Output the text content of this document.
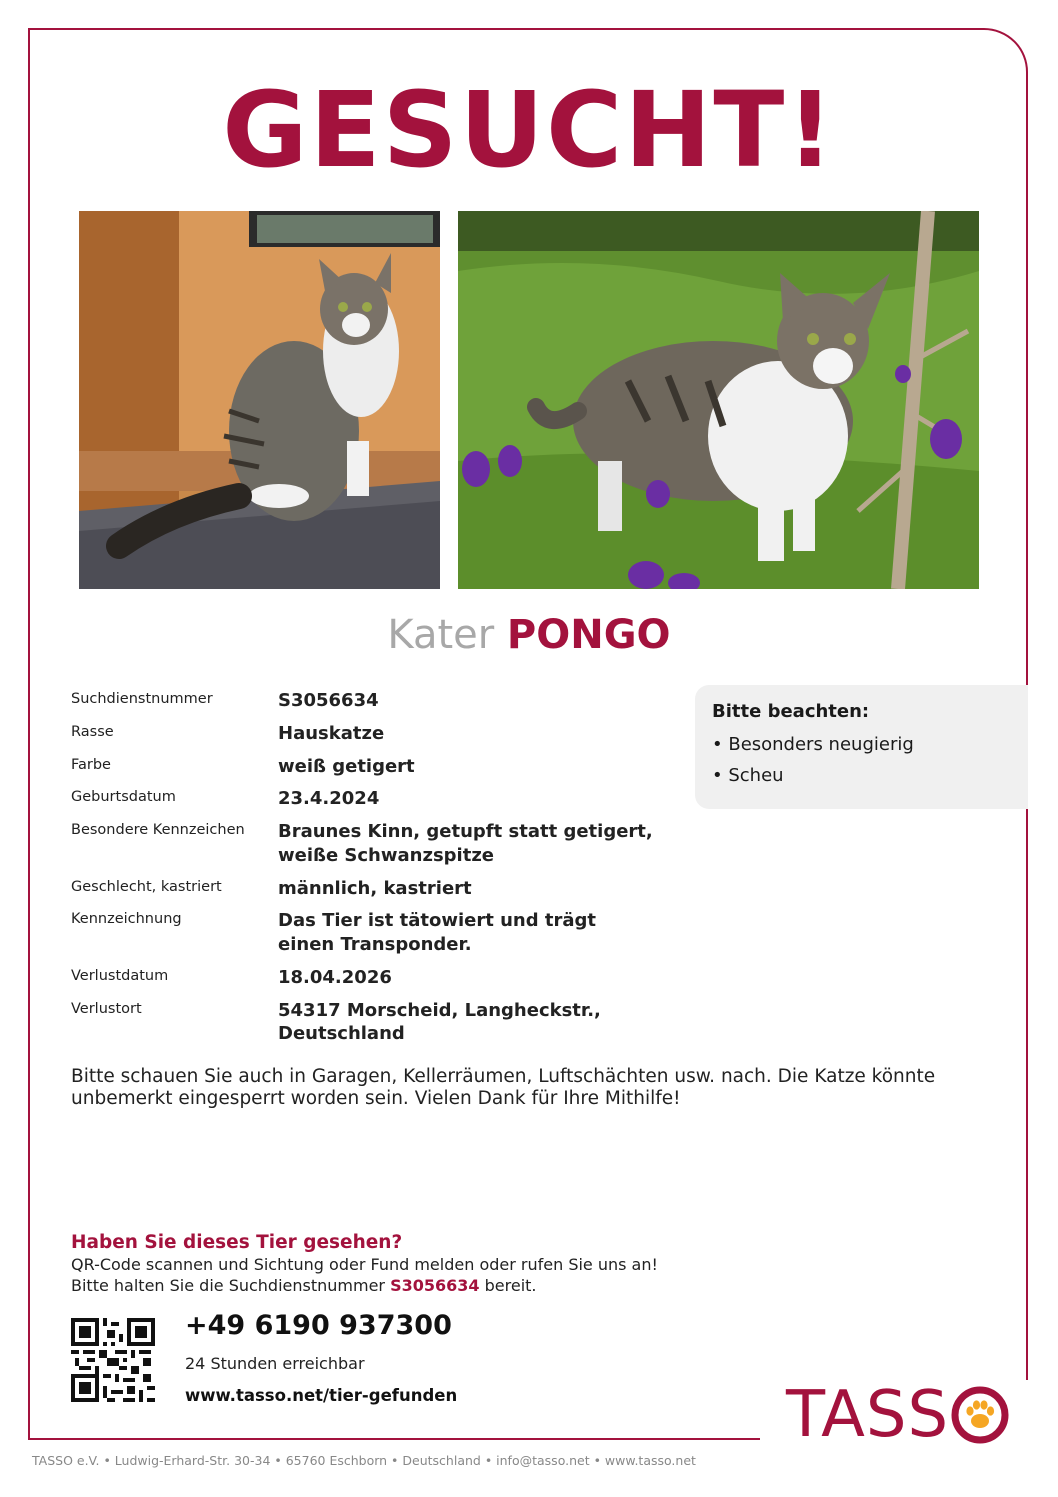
GESUCHT!
Kater PONGO
Suchdienstnummer	S3056634
Rasse	Hauskatze
Farbe	weiß getigert
Geburtsdatum	23.4.2024
Besondere Kennzeichen	Braunes Kinn, getupft statt getigert, weiße Schwanzspitze
Geschlecht, kastriert	männlich, kastriert
Kennzeichnung	Das Tier ist tätowiert und trägt einen Transponder.
Verlustdatum	18.04.2026
Verlustort	54317 Morscheid, Langheckstr., Deutschland
Bitte beachten:
• Besonders neugierig
• Scheu
Bitte schauen Sie auch in Garagen, Kellerräumen, Luftschächten usw. nach. Die Katze könnte unbemerkt eingesperrt worden sein. Vielen Dank für Ihre Mithilfe!
Haben Sie dieses Tier gesehen?
QR-Code scannen und Sichtung oder Fund melden oder rufen Sie uns an!
Bitte halten Sie die Suchdienstnummer S3056634 bereit.
+49 6190 937300
24 Stunden erreichbar
www.tasso.net/tier-gefunden	TASS
TASSO e.V. • Ludwig-Erhard-Str. 30-34 • 65760 Eschborn • Deutschland • info@tasso.net • www.tasso.net
